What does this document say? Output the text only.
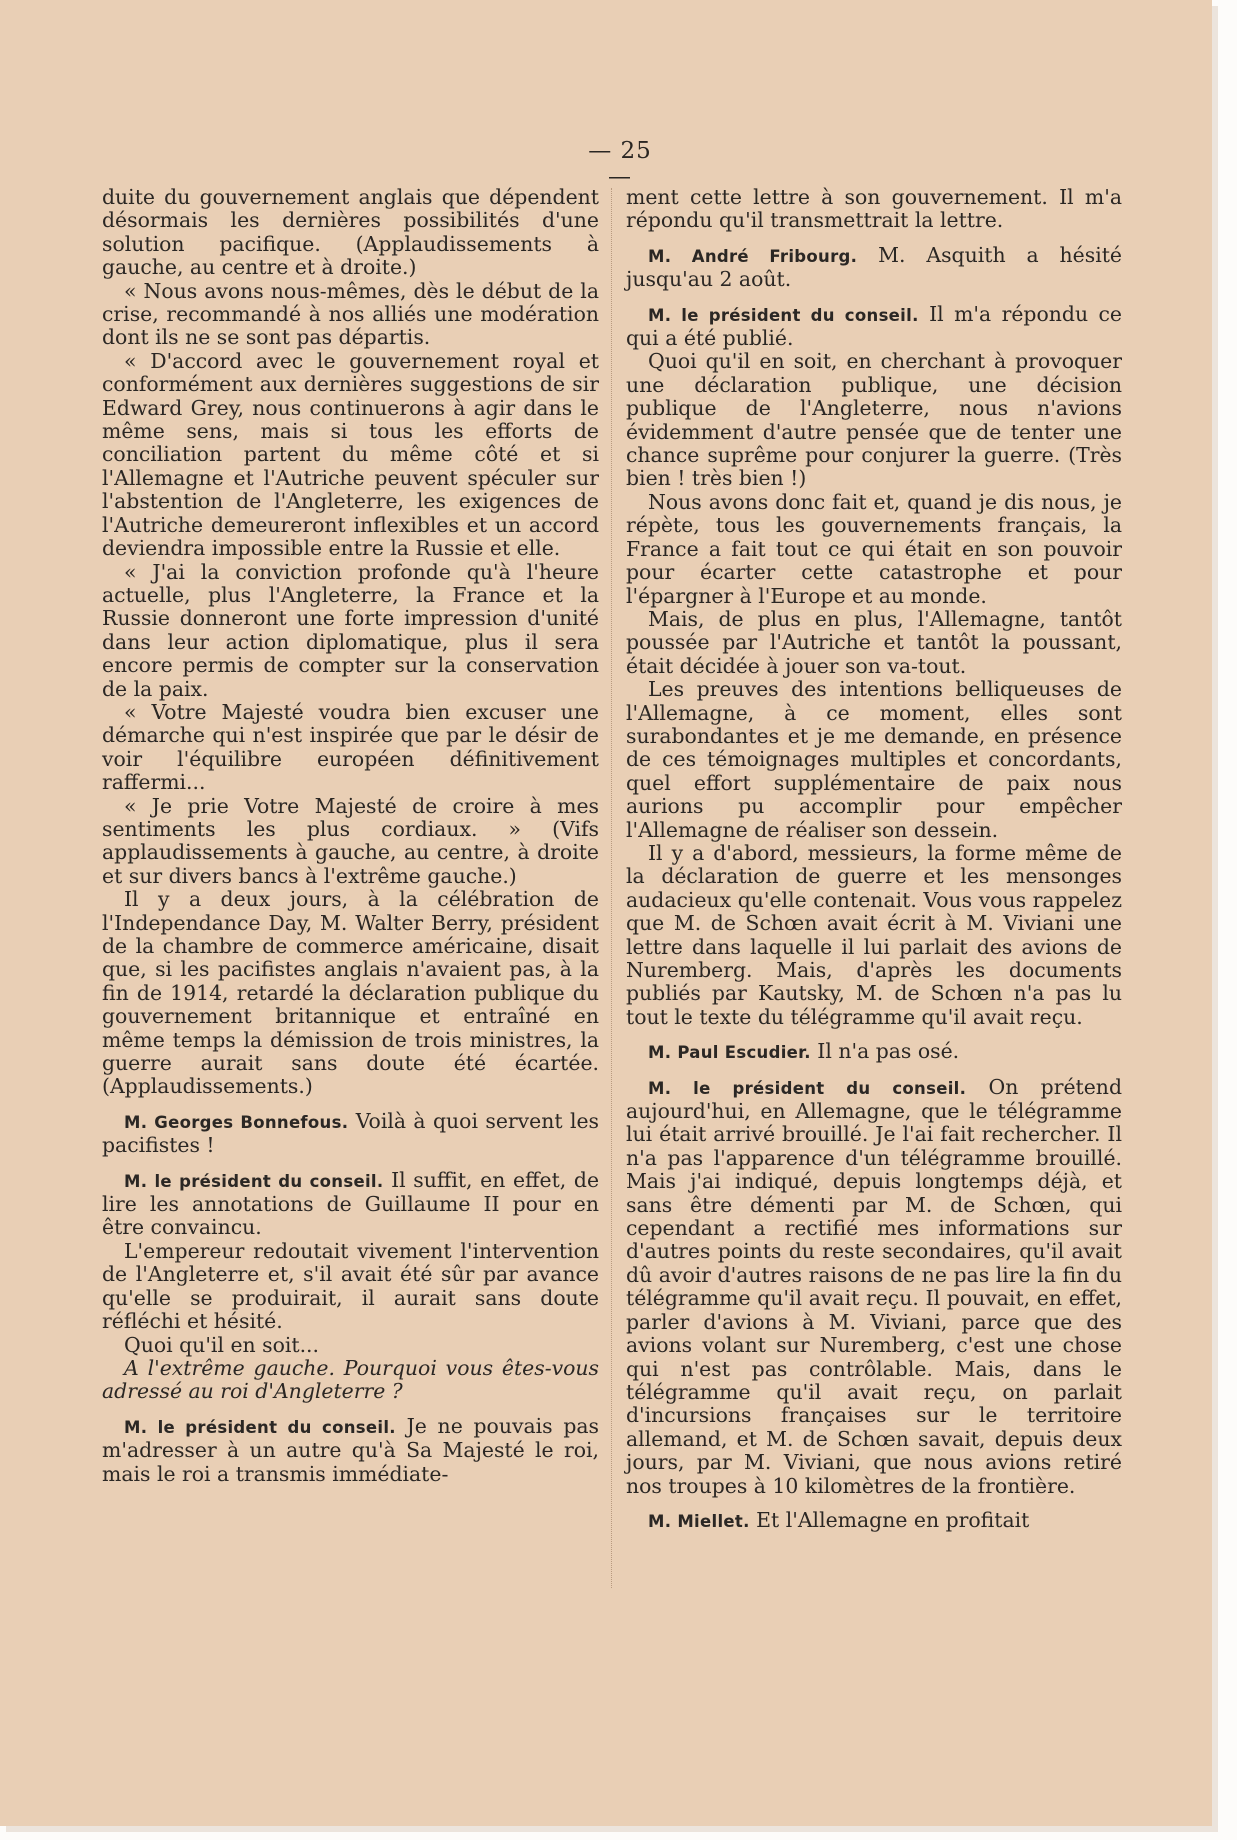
— 25 —

duite du gouvernement anglais que dépendent désormais les dernières possibilités d'une solution pacifique. (Applaudissements à gauche, au centre et à droite.)

« Nous avons nous-mêmes, dès le début de la crise, recommandé à nos alliés une modération dont ils ne se sont pas départis.

« D'accord avec le gouvernement royal et conformément aux dernières suggestions de sir Edward Grey, nous continuerons à agir dans le même sens, mais si tous les efforts de conciliation partent du même côté et si l'Allemagne et l'Autriche peuvent spéculer sur l'abstention de l'Angleterre, les exigences de l'Autriche demeureront inflexibles et un accord deviendra impossible entre la Russie et elle.

« J'ai la conviction profonde qu'à l'heure actuelle, plus l'Angleterre, la France et la Russie donneront une forte impression d'unité dans leur action diplomatique, plus il sera encore permis de compter sur la conservation de la paix.

« Votre Majesté voudra bien excuser une démarche qui n'est inspirée que par le désir de voir l'équilibre européen définitivement raffermi...

« Je prie Votre Majesté de croire à mes sentiments les plus cordiaux. » (Vifs applaudissements à gauche, au centre, à droite et sur divers bancs à l'extrême gauche.)

Il y a deux jours, à la célébration de l'Independance Day, M. Walter Berry, président de la chambre de commerce américaine, disait que, si les pacifistes anglais n'avaient pas, à la fin de 1914, retardé la déclaration publique du gouvernement britannique et entraîné en même temps la démission de trois ministres, la guerre aurait sans doute été écartée. (Applaudissements.)

M. Georges Bonnefous. Voilà à quoi servent les pacifistes !

M. le président du conseil. Il suffit, en effet, de lire les annotations de Guillaume II pour en être convaincu.

L'empereur redoutait vivement l'intervention de l'Angleterre et, s'il avait été sûr par avance qu'elle se produirait, il aurait sans doute réfléchi et hésité.

Quoi qu'il en soit...

A l'extrême gauche. Pourquoi vous êtes-vous adressé au roi d'Angleterre ?

M. le président du conseil. Je ne pouvais pas m'adresser à un autre qu'à Sa Majesté le roi, mais le roi a transmis immédiate-

ment cette lettre à son gouvernement. Il m'a répondu qu'il transmettrait la lettre.

M. André Fribourg. M. Asquith a hésité jusqu'au 2 août.

M. le président du conseil. Il m'a répondu ce qui a été publié.

Quoi qu'il en soit, en cherchant à provoquer une déclaration publique, une décision publique de l'Angleterre, nous n'avions évidemment d'autre pensée que de tenter une chance suprême pour conjurer la guerre. (Très bien ! très bien !)

Nous avons donc fait et, quand je dis nous, je répète, tous les gouvernements français, la France a fait tout ce qui était en son pouvoir pour écarter cette catastrophe et pour l'épargner à l'Europe et au monde.

Mais, de plus en plus, l'Allemagne, tantôt poussée par l'Autriche et tantôt la poussant, était décidée à jouer son va-tout.

Les preuves des intentions belliqueuses de l'Allemagne, à ce moment, elles sont surabondantes et je me demande, en présence de ces témoignages multiples et concordants, quel effort supplémentaire de paix nous aurions pu accomplir pour empêcher l'Allemagne de réaliser son dessein.

Il y a d'abord, messieurs, la forme même de la déclaration de guerre et les mensonges audacieux qu'elle contenait. Vous vous rappelez que M. de Schœn avait écrit à M. Viviani une lettre dans laquelle il lui parlait des avions de Nuremberg. Mais, d'après les documents publiés par Kautsky, M. de Schœn n'a pas lu tout le texte du télégramme qu'il avait reçu.

M. Paul Escudier. Il n'a pas osé.

M. le président du conseil. On prétend aujourd'hui, en Allemagne, que le télégramme lui était arrivé brouillé. Je l'ai fait rechercher. Il n'a pas l'apparence d'un télégramme brouillé. Mais j'ai indiqué, depuis longtemps déjà, et sans être démenti par M. de Schœn, qui cependant a rectifié mes informations sur d'autres points du reste secondaires, qu'il avait dû avoir d'autres raisons de ne pas lire la fin du télégramme qu'il avait reçu. Il pouvait, en effet, parler d'avions à M. Viviani, parce que des avions volant sur Nuremberg, c'est une chose qui n'est pas contrôlable. Mais, dans le télégramme qu'il avait reçu, on parlait d'incursions françaises sur le territoire allemand, et M. de Schœn savait, depuis deux jours, par M. Viviani, que nous avions retiré nos troupes à 10 kilomètres de la frontière.

M. Miellet. Et l'Allemagne en profitait
